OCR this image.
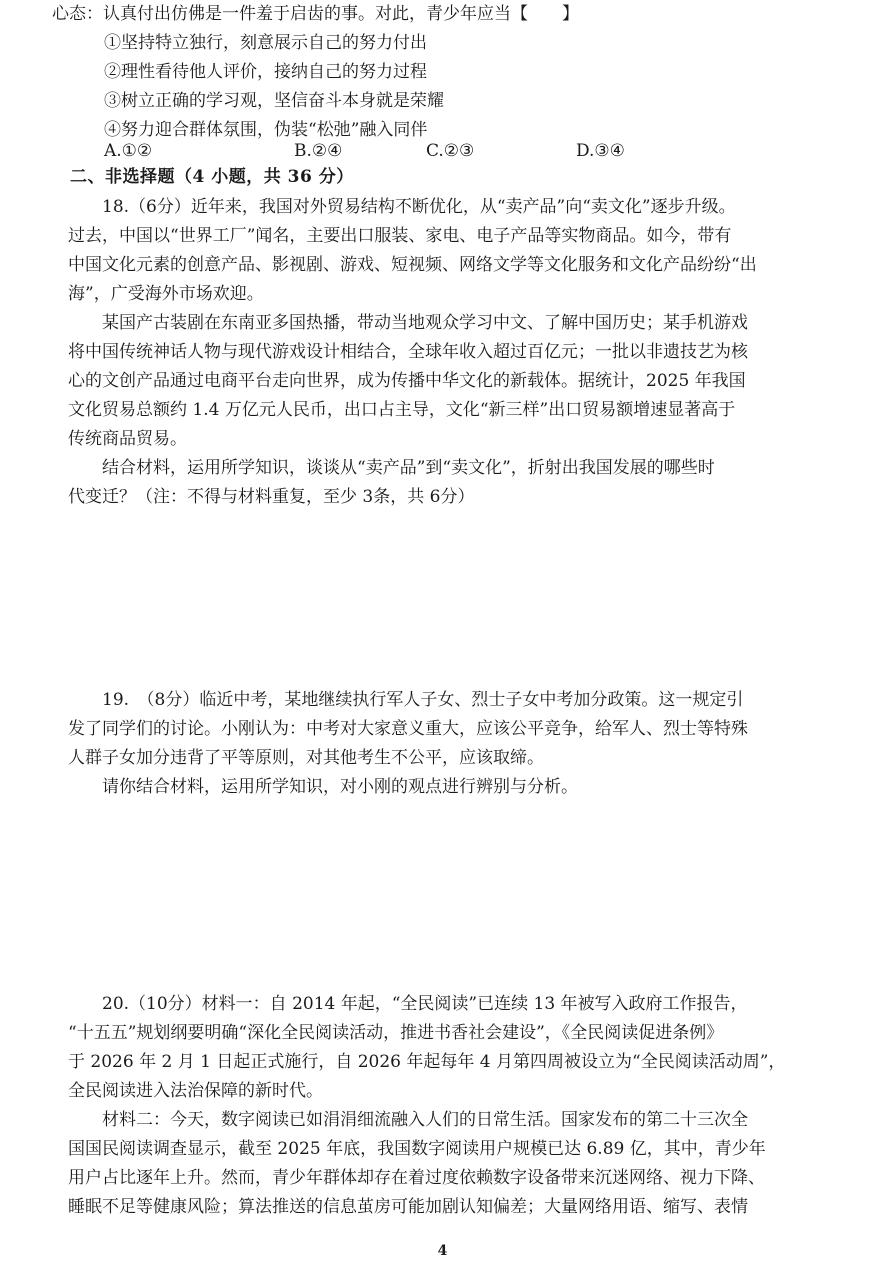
心态：认真付出仿佛是一件羞于启齿的事。对此，青少年应当【　　】
①坚持特立独行，刻意展示自己的努力付出
②理性看待他人评价，接纳自己的努力过程
③树立正确的学习观，坚信奋斗本身就是荣耀
④努力迎合群体氛围，伪装“松弛”融入同伴
A.①②	B.②④	C.②③	D.③④
二、非选择题（4 小题，共 36 分）
18.（6分）近年来，我国对外贸易结构不断优化，从“卖产品”向“卖文化”逐步升级。
过去，中国以“世界工厂”闻名，主要出口服装、家电、电子产品等实物商品。如今，带有
中国文化元素的创意产品、影视剧、游戏、短视频、网络文学等文化服务和文化产品纷纷“出
海”，广受海外市场欢迎。
某国产古装剧在东南亚多国热播，带动当地观众学习中文、了解中国历史；某手机游戏
将中国传统神话人物与现代游戏设计相结合，全球年收入超过百亿元；一批以非遗技艺为核
心的文创产品通过电商平台走向世界，成为传播中华文化的新载体。据统计，2025 年我国
文化贸易总额约 1.4 万亿元人民币，出口占主导，文化“新三样”出口贸易额增速显著高于
传统商品贸易。
结合材料，运用所学知识，谈谈从“卖产品”到“卖文化”，折射出我国发展的哪些时
代变迁？（注：不得与材料重复，至少 3条，共 6分）
19.　（8分）临近中考，某地继续执行军人子女、烈士子女中考加分政策。这一规定引
发了同学们的讨论。小刚认为：中考对大家意义重大，应该公平竞争，给军人、烈士等特殊
人群子女加分违背了平等原则，对其他考生不公平，应该取缔。
请你结合材料，运用所学知识，对小刚的观点进行辨别与分析。
20.（10分）材料一：自 2014 年起，“全民阅读”已连续 13 年被写入政府工作报告，
“十五五”规划纲要明确“深化全民阅读活动，推进书香社会建设”，《全民阅读促进条例》
于 2026 年 2 月 1 日起正式施行，自 2026 年起每年 4 月第四周被设立为“全民阅读活动周”，
全民阅读进入法治保障的新时代。
材料二：今天，数字阅读已如涓涓细流融入人们的日常生活。国家发布的第二十三次全
国国民阅读调查显示，截至 2025 年底，我国数字阅读用户规模已达 6.89 亿，其中，青少年
用户占比逐年上升。然而，青少年群体却存在着过度依赖数字设备带来沉迷网络、视力下降、
睡眠不足等健康风险；算法推送的信息茧房可能加剧认知偏差；大量网络用语、缩写、表情
4
